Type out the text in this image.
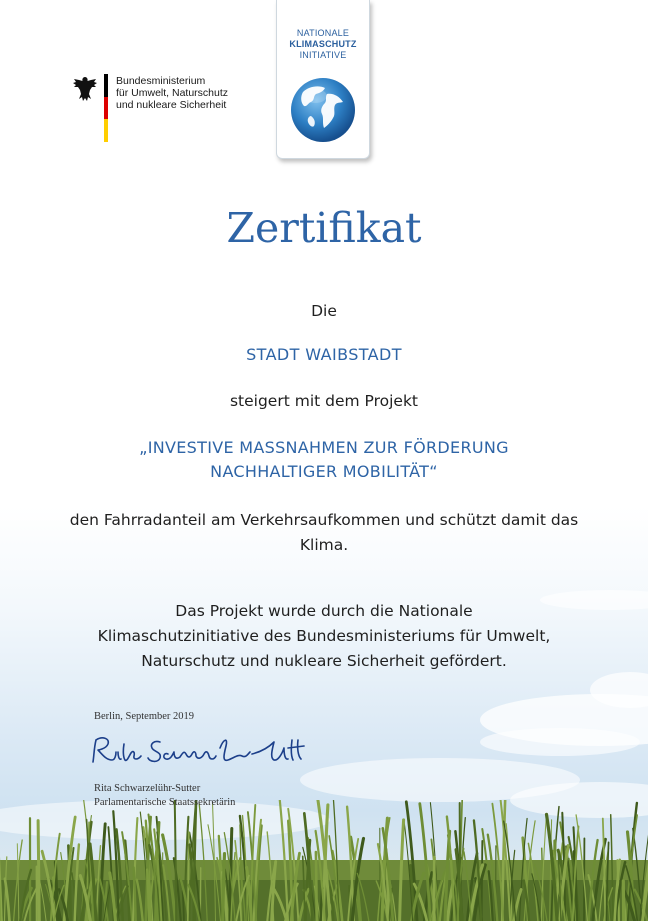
Bundesministerium
für Umwelt, Naturschutz
und nukleare Sicherheit
NATIONALE
KLIMASCHUTZ
INITIATIVE
Zertifikat
Die
STADT WAIBSTADT
steigert mit dem Projekt
„INVESTIVE MASSNAHMEN ZUR FÖRDERUNG
NACHHALTIGER MOBILITÄT“
den Fahrradanteil am Verkehrsaufkommen und schützt damit das
Klima.
Das Projekt wurde durch die Nationale
Klimaschutzinitiative des Bundesministeriums für Umwelt,
Naturschutz und nukleare Sicherheit gefördert.
Berlin, September 2019
Rita Schwarzelühr-Sutter
Parlamentarische Staatssekretärin
